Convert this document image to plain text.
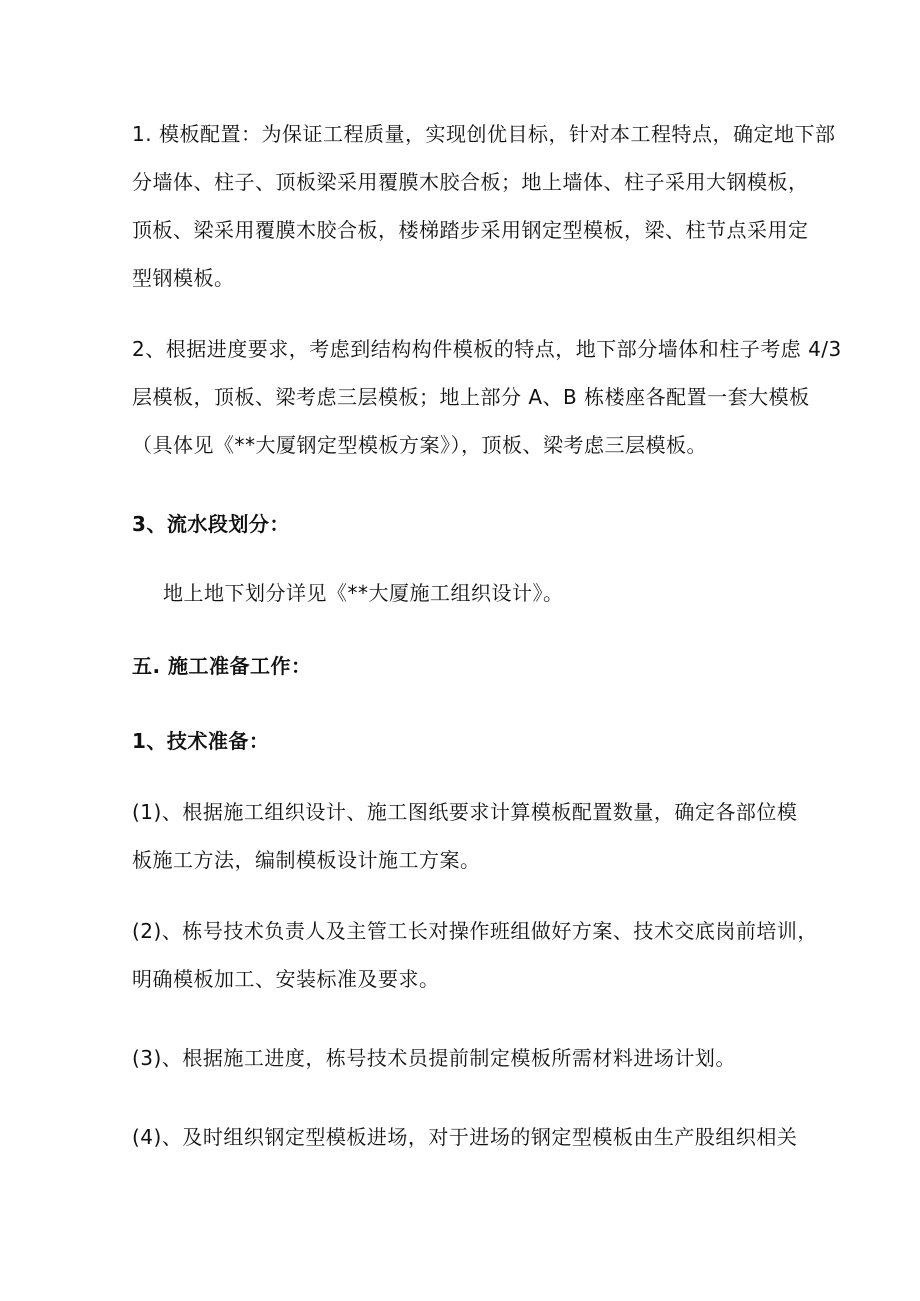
1. 模板配置：为保证工程质量，实现创优目标，针对本工程特点，确定地下部
分墙体、柱子、顶板梁采用覆膜木胶合板；地上墙体、柱子采用大钢模板，
顶板、梁采用覆膜木胶合板，楼梯踏步采用钢定型模板，梁、柱节点采用定
型钢模板。
2、根据进度要求，考虑到结构构件模板的特点，地下部分墙体和柱子考虑 4/3
层模板，顶板、梁考虑三层模板；地上部分 A、B 栋楼座各配置一套大模板
（具体见《**大厦钢定型模板方案》），顶板、梁考虑三层模板。
3、流水段划分：
地上地下划分详见《**大厦施工组织设计》。
五. 施工准备工作：
1、技术准备：
(1)、根据施工组织设计、施工图纸要求计算模板配置数量，确定各部位模
板施工方法，编制模板设计施工方案。
(2)、栋号技术负责人及主管工长对操作班组做好方案、技术交底岗前培训，
明确模板加工、安装标准及要求。
(3)、根据施工进度，栋号技术员提前制定模板所需材料进场计划。
(4)、及时组织钢定型模板进场，对于进场的钢定型模板由生产股组织相关
